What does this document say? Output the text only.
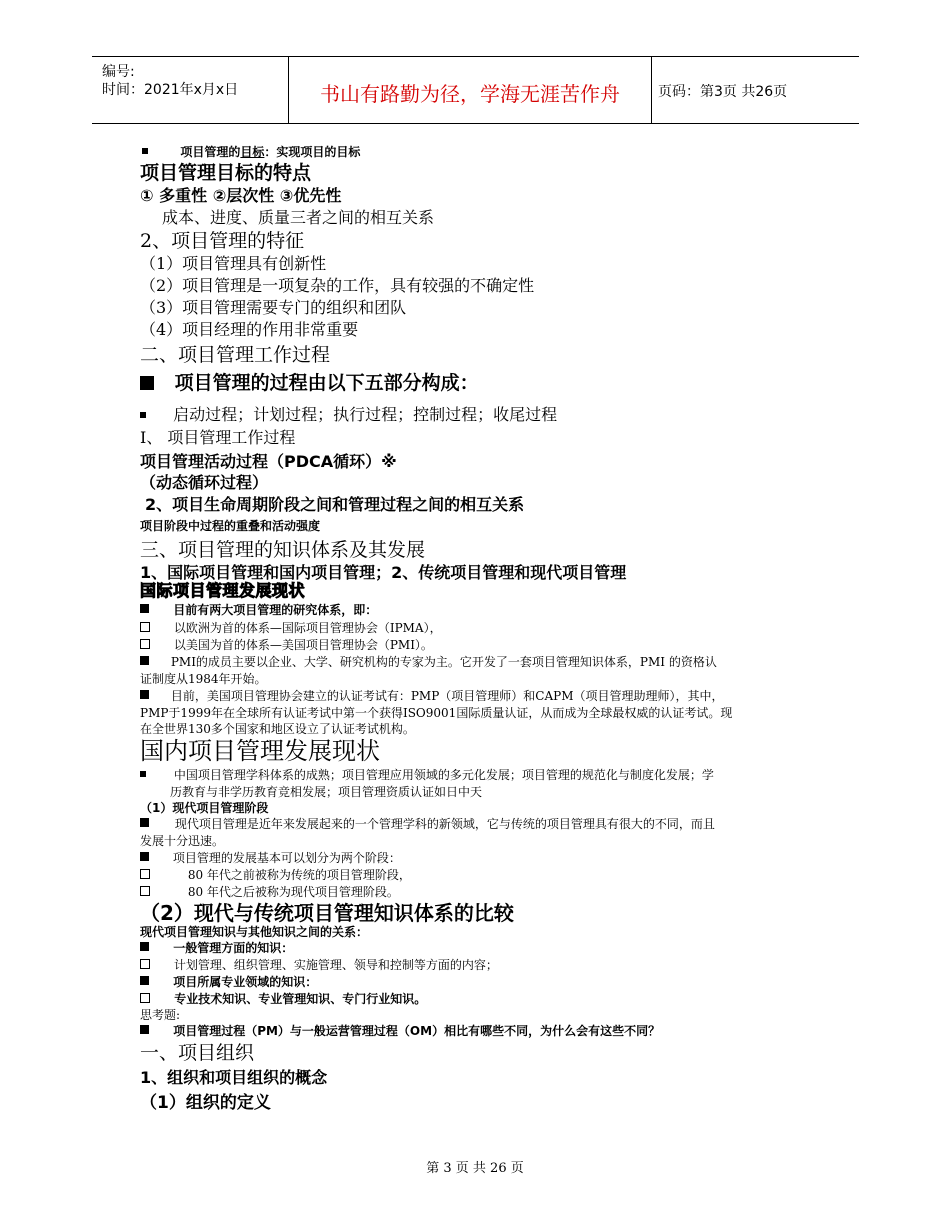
编号:
时间：2021年x月x日	书山有路勤为径，学海无涯苦作舟	页码：第3页 共26页
项目管理的目标：实现项目的目标
项目管理目标的特点
① 多重性 ②层次性 ③优先性
成本、进度、质量三者之间的相互关系
2、项目管理的特征
（1）项目管理具有创新性
（2）项目管理是一项复杂的工作，具有较强的不确定性
（3）项目管理需要专门的组织和团队
（4）项目经理的作用非常重要
二、项目管理工作过程
项目管理的过程由以下五部分构成：
启动过程；计划过程；执行过程；控制过程；收尾过程
I、 项目管理工作过程
项目管理活动过程（PDCA循环）※
（动态循环过程）
2、项目生命周期阶段之间和管理过程之间的相互关系
项目阶段中过程的重叠和活动强度
三、项目管理的知识体系及其发展
1、国际项目管理和国内项目管理；2、传统项目管理和现代项目管理
国际项目管理发展现状
目前有两大项目管理的研究体系，即：
以欧洲为首的体系—国际项目管理协会（IPMA），
以美国为首的体系—美国项目管理协会（PMI）。
PMI的成员主要以企业、大学、研究机构的专家为主。它开发了一套项目管理知识体系，PMI 的资格认
证制度从1984年开始。
目前，美国项目管理协会建立的认证考试有：PMP（项目管理师）和CAPM（项目管理助理师），其中，
PMP于1999年在全球所有认证考试中第一个获得ISO9001国际质量认证，从而成为全球最权威的认证考试。现
在全世界130多个国家和地区设立了认证考试机构。
国内项目管理发展现状
中国项目管理学科体系的成熟；项目管理应用领域的多元化发展；项目管理的规范化与制度化发展；学
历教育与非学历教育竞相发展；项目管理资质认证如日中天
（1）现代项目管理阶段
现代项目管理是近年来发展起来的一个管理学科的新领域，它与传统的项目管理具有很大的不同，而且
发展十分迅速。
项目管理的发展基本可以划分为两个阶段：
80 年代之前被称为传统的项目管理阶段，
80 年代之后被称为现代项目管理阶段。
（2）现代与传统项目管理知识体系的比较
现代项目管理知识与其他知识之间的关系：
一般管理方面的知识：
计划管理、组织管理、实施管理、领导和控制等方面的内容；
项目所属专业领域的知识：
专业技术知识、专业管理知识、专门行业知识。
思考题:
项目管理过程（PM）与一般运营管理过程（OM）相比有哪些不同，为什么会有这些不同？
一、项目组织
1、组织和项目组织的概念
（1）组织的定义
第 3 页 共 26 页
